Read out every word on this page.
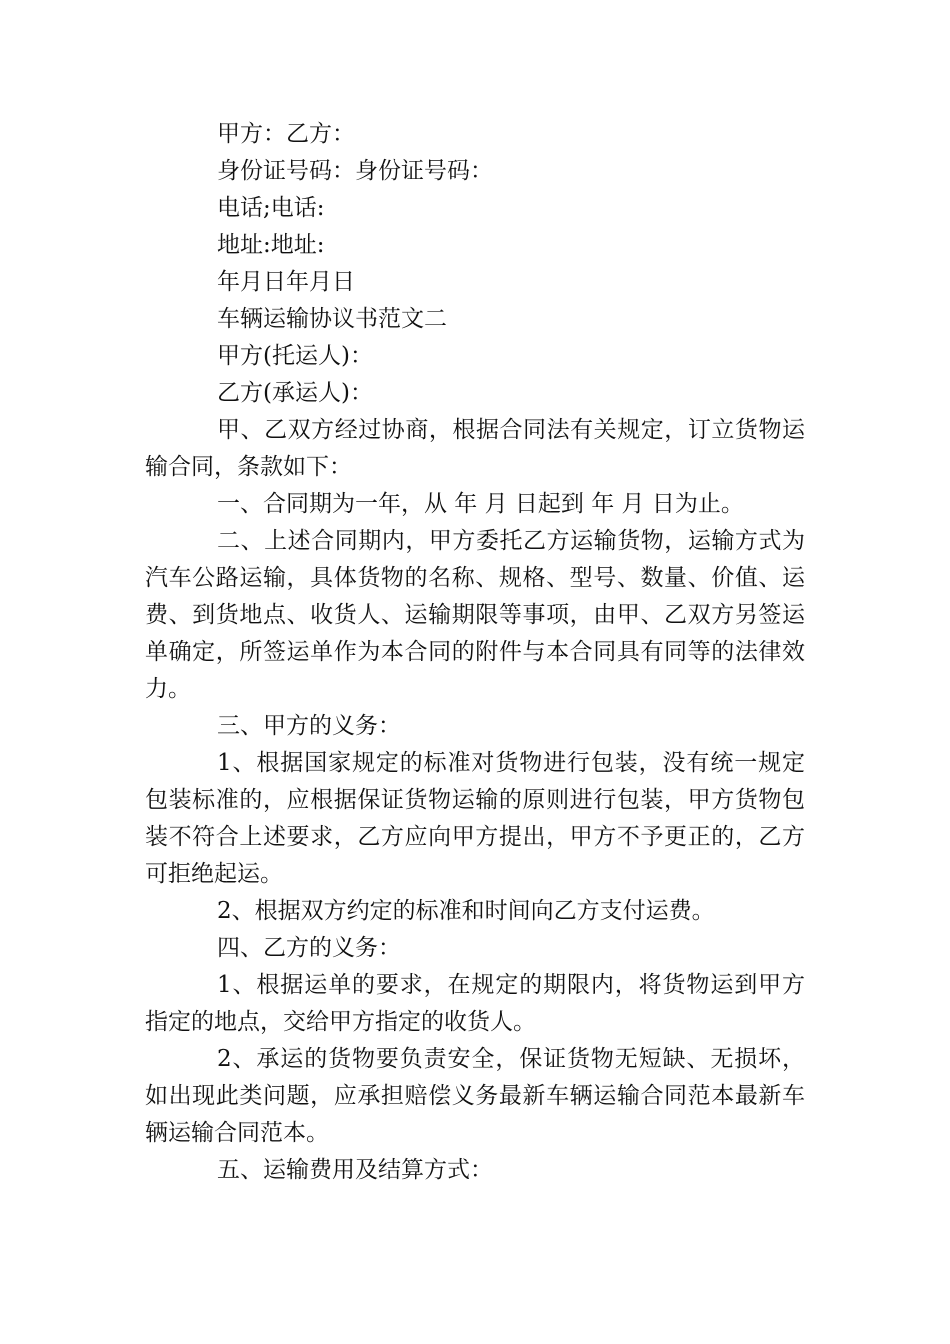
甲方：乙方：

身份证号码：身份证号码：

电话;电话:

地址:地址:

年月日年月日

车辆运输协议书范文二

甲方(托运人)：

乙方(承运人)：

甲、乙双方经过协商，根据合同法有关规定，订立货物运输合同，条款如下：

一、合同期为一年，从 年 月 日起到 年 月 日为止。

二、上述合同期内，甲方委托乙方运输货物，运输方式为汽车公路运输，具体货物的名称、规格、型号、数量、价值、运费、到货地点、收货人、运输期限等事项，由甲、乙双方另签运单确定，所签运单作为本合同的附件与本合同具有同等的法律效力。

三、甲方的义务：

1、根据国家规定的标准对货物进行包装，没有统一规定包装标准的，应根据保证货物运输的原则进行包装，甲方货物包装不符合上述要求，乙方应向甲方提出，甲方不予更正的，乙方可拒绝起运。

2、根据双方约定的标准和时间向乙方支付运费。

四、乙方的义务：

1、根据运单的要求，在规定的期限内，将货物运到甲方指定的地点，交给甲方指定的收货人。

2、承运的货物要负责安全，保证货物无短缺、无损坏，如出现此类问题，应承担赔偿义务最新车辆运输合同范本最新车辆运输合同范本。

五、运输费用及结算方式：
